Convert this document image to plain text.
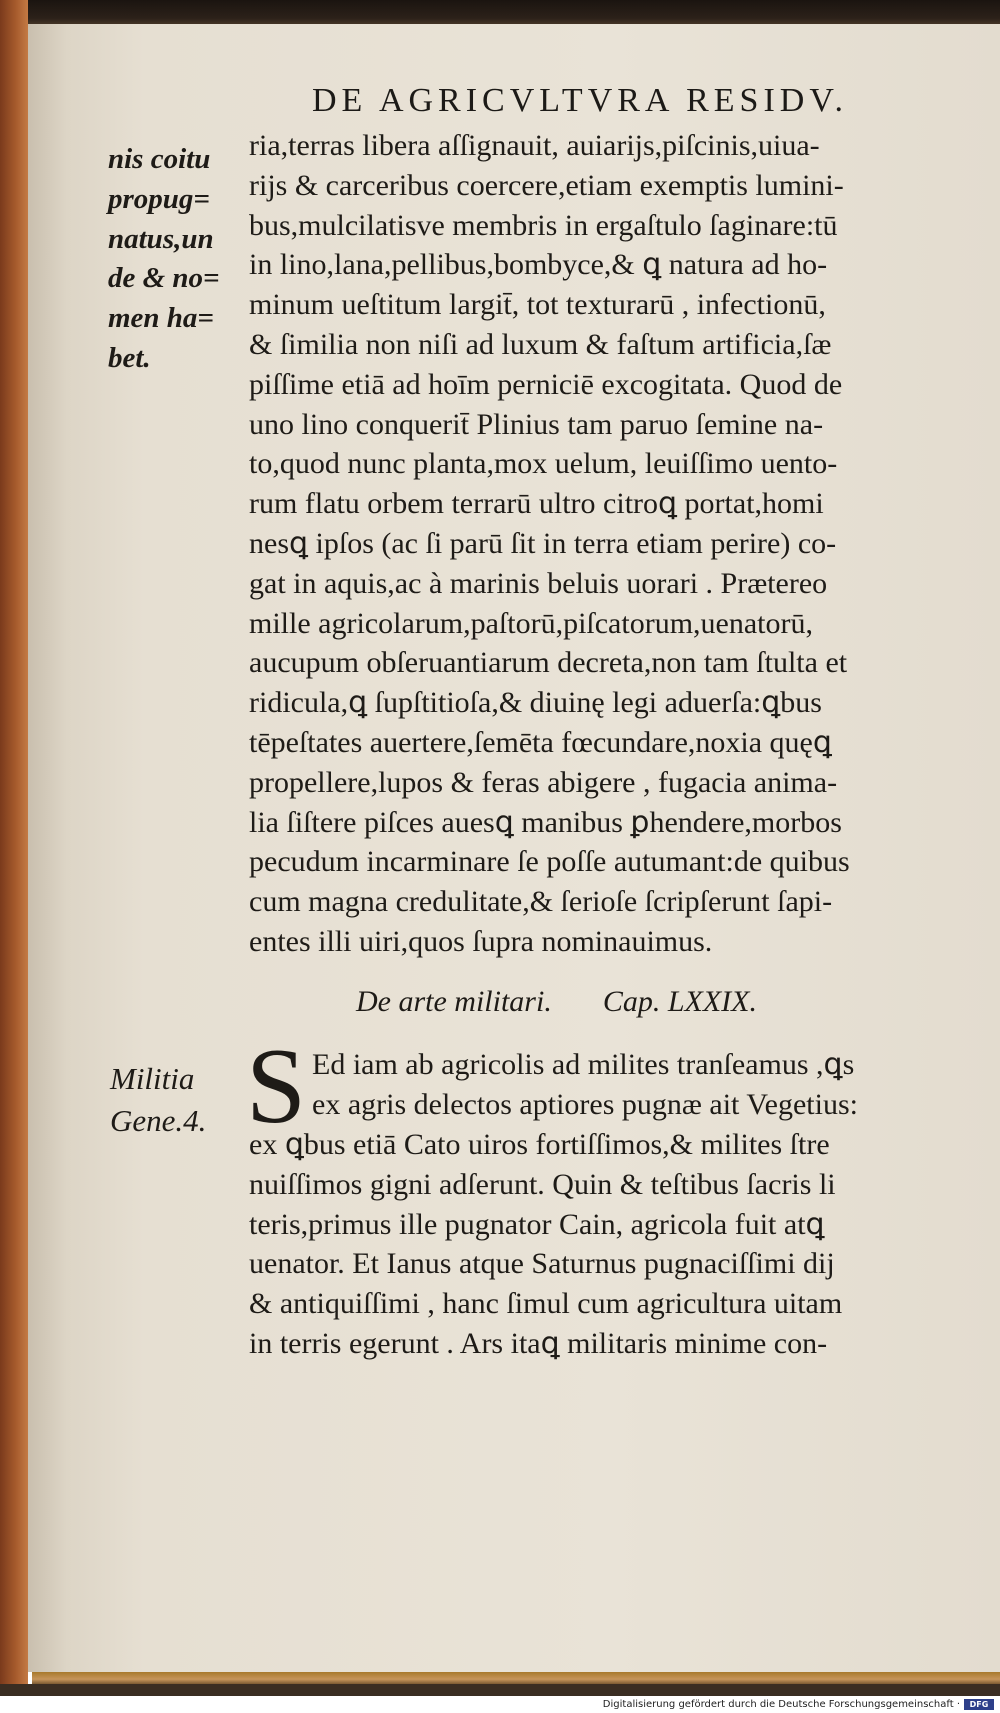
DE AGRICVLTVRA RESIDV.
nis coitu
propug=
natus,un
de & no=
men ha=
bet.
ria,terras libera aſſignauit, auiarijs,piſcinis,uiua-
rijs & carceribus coercere,etiam exemptis lumini-
bus,mulcilatisve membris in ergaſtulo ſaginare:tū
in lino,lana,pellibus,bombyce,& ꝗ natura ad ho-
minum ueſtitum largit̄, tot texturarū , infectionū,
& ſimilia non niſi ad luxum & faſtum artificia,ſæ
piſſime etiā ad hoīm perniciē excogitata. Quod de
uno lino conquerit̄ Plinius tam paruo ſemine na-
to,quod nunc planta,mox uelum, leuiſſimo uento-
rum flatu orbem terrarū ultro citroꝗ portat,homi
nesꝗ ipſos (ac ſi parū ſit in terra etiam perire) co-
gat in aquis,ac à marinis beluis uorari . Prætereo
mille agricolarum,paſtorū,piſcatorum,uenatorū,
aucupum obſeruantiarum decreta,non tam ſtulta et
ridicula,ꝗ ſupſtitioſa,& diuinę legi aduerſa:ꝗbus
tēpeſtates auertere,ſemēta fœcundare,noxia quęꝗ
propellere,lupos & feras abigere , fugacia anima-
lia ſiſtere piſces auesꝗ manibus ꝑhendere,morbos
pecudum incarminare ſe poſſe autumant:de quibus
cum magna credulitate,& ſerioſe ſcripſerunt ſapi-
entes illi uiri,quos ſupra nominauimus.
De arte militari. Cap. LXXIX.
Militia
Gene.4. S Ed iam ab agricolis ad milites tranſeamus ,ꝗs
ex agris delectos aptiores pugnæ ait Vegetius:
ex ꝗbus etiā Cato uiros fortiſſimos,& milites ſtre
nuiſſimos gigni adſerunt. Quin & teſtibus ſacris li
teris,primus ille pugnator Cain, agricola fuit atꝗ
uenator. Et Ianus atque Saturnus pugnaciſſimi dij
& antiquiſſimi , hanc ſimul cum agricultura uitam
in terris egerunt . Ars itaꝗ militaris minime con-
Digitalisierung gefördert durch die Deutsche Forschungsgemeinschaft ·	DFG
